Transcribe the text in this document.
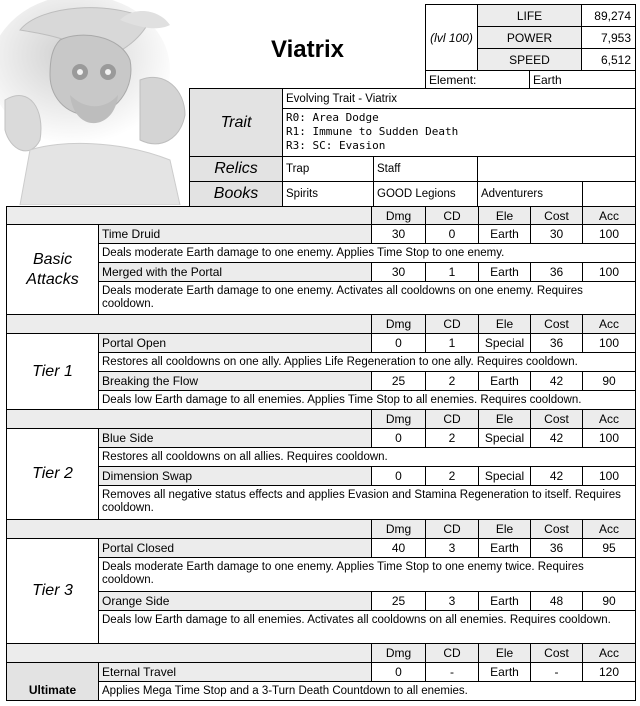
Viatrix	(lvl 100)
LIFE	89,274
POWER	7,953
SPEED	6,512
Element:	Earth
Trait
Evolving Trait - Viatrix
R0: Area Dodge
R1: Immune to Sudden Death
R3: SC: Evasion
Relics	Trap	Staff
Books	Spirits	GOOD Legions	Adventurers
Dmg	CD	Ele	Cost	Acc
Basic
Attacks
Time Druid	30	0	Earth	30	100
Deals moderate Earth damage to one enemy. Applies Time Stop to one enemy.
Merged with the Portal	30	1	Earth	36	100
Deals moderate Earth damage to one enemy. Activates all cooldowns on one enemy. Requires cooldown.
Dmg	CD	Ele	Cost	Acc
Tier 1
Portal Open	0	1	Special	36	100
Restores all cooldowns on one ally. Applies Life Regeneration to one ally. Requires cooldown.
Breaking the Flow	25	2	Earth	42	90
Deals low Earth damage to all enemies. Applies Time Stop to all enemies. Requires cooldown.
Dmg	CD	Ele	Cost	Acc
Tier 2
Blue Side	0	2	Special	42	100
Restores all cooldowns on all allies. Requires cooldown.
Dimension Swap	0	2	Special	42	100
Removes all negative status effects and applies Evasion and Stamina Regeneration to itself. Requires cooldown.
Dmg	CD	Ele	Cost	Acc
Tier 3
Portal Closed	40	3	Earth	36	95
Deals moderate Earth damage to one enemy. Applies Time Stop to one enemy twice. Requires cooldown.
Orange Side	25	3	Earth	48	90
Deals low Earth damage to all enemies. Activates all cooldowns on all enemies. Requires cooldown.
Dmg	CD	Ele	Cost	Acc
Ultimate
Eternal Travel	0	-	Earth	-	120
Applies Mega Time Stop and a 3-Turn Death Countdown to all enemies.
